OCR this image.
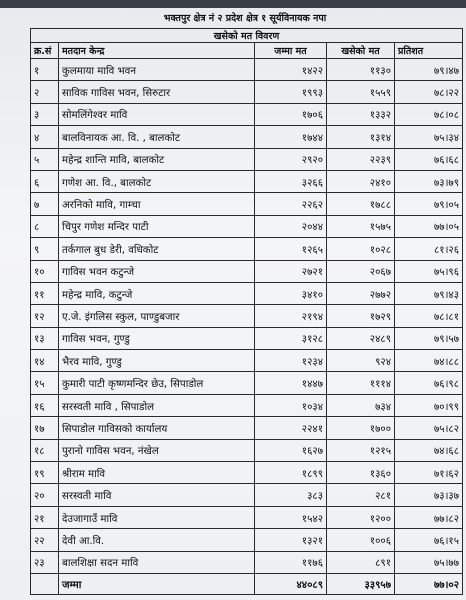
भक्तपुर क्षेत्र नं २ प्रदेश क्षेत्र १ सूर्यविनायक नपा
खसेको मत विवरण				
क्र.सं	मतदान केन्द्र	जम्मा मत	खसेको मत	प्रतिशत
१	कुलमाया मावि भवन	१४२२	११३०	७९।४७
२	साविक गाविस भवन, सिरुटार	१९९३	१५५९	७८।२२
३	सोमलिंगेश्वर मावि	१७०६	१३३२	७८।०८
४	बालविनायक आ. वि. , बालकोट	१७४४	१३१४	७५।३४
५	महेन्द्र शान्ति मावि, बालकोट	२९२०	२२३९	७६।६८
६	गणेश आ. वि., बालकोट	३२६६	२४१०	७३।७९
७	अरनिको मावि, गाम्चा	२२६२	१७८८	७९।०५
८	चिपुर गणेश मन्दिर पाटी	२०४४	१५७५	७७।०५
९	तर्कगाल बुध डेरी, वधिकोट	१२६५	१०२८	८१।२६
१०	गाविस भवन कटुन्जे	२७२१	२०६७	७५।९६
११	महेन्द्र मावि, कटुन्जे	३४१०	२७७२	७९।४३
१२	ए.जे. इंगलिस स्कुल, पाण्डुबजार	२१९४	१७२९	७८।८१
१३	गाविस भवन, गुण्डु	३१२८	२४८९	७९।५७
१४	भैरव मावि, गुण्डु	१२३४	९२४	७४।८८
१५	कुमारी पाटी कृष्णमन्दिर छेउ, सिपाडोल	१४४७	१११४	७६।९८
१६	सरस्वती मावि , सिपाडोल	१०३४	७३४	७०।९९
१७	सिपाडोल गाविसको कार्यालय	२२४१	१७००	७५।८२
१८	पुरानो गाविस भवन, नंखेल	१६२७	१२१५	७४।६८
१९	श्रीराम मावि	१८९९	१३६०	७१।६२
२०	सरस्वती मावि	३८३	२८१	७३।३७
२१	देउजागाउँ मावि	१५४२	१२००	७७।८२
२२	देवी आ.वि.	१३२१	१००६	७६।१५
२३	बालशिक्षा सदन मावि	११७६	८९१	७५।७७
	जम्मा	४४०८९	३३९५७	७७।०२
